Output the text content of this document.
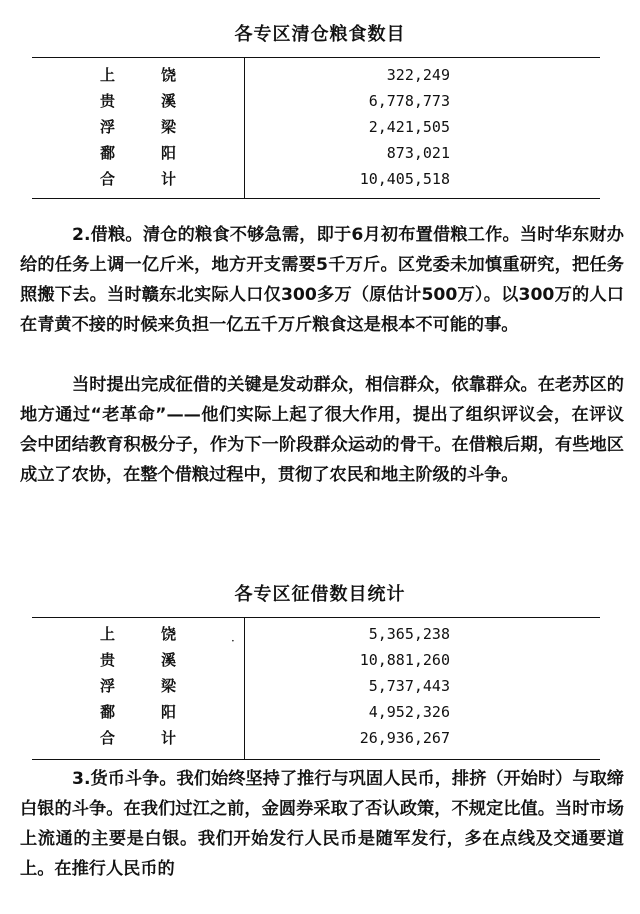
各专区清仓粮食数目
上	饶	322,249
贵	溪	6,778,773
浮	梁	2,421,505
鄱	阳	873,021
合	计	10,405,518
2.借粮。清仓的粮食不够急需，即于6月初布置借粮工作。当时华东财办给的任务上调一亿斤米，地方开支需要5千万斤。区党委未加慎重研究，把任务照搬下去。当时赣东北实际人口仅300多万（原估计500万）。以300万的人口在青黄不接的时候来负担一亿五千万斤粮食这是根本不可能的事。
当时提出完成征借的关键是发动群众，相信群众，依靠群众。在老苏区的地方通过“老革命”——他们实际上起了很大作用，提出了组织评议会，在评议会中团结教育积极分子，作为下一阶段群众运动的骨干。在借粮后期，有些地区成立了农协，在整个借粮过程中，贯彻了农民和地主阶级的斗争。
各专区征借数目统计
上	饶	5,365,238
贵	溪	10,881,260
浮	梁	5,737,443
鄱	阳	4,952,326
合	计	26,936,267
·
3.货币斗争。我们始终坚持了推行与巩固人民币，排挤（开始时）与取缔白银的斗争。在我们过江之前，金圆券采取了否认政策，不规定比值。当时市场上流通的主要是白银。我们开始发行人民币是随军发行，多在点线及交通要道上。在推行人民币的
